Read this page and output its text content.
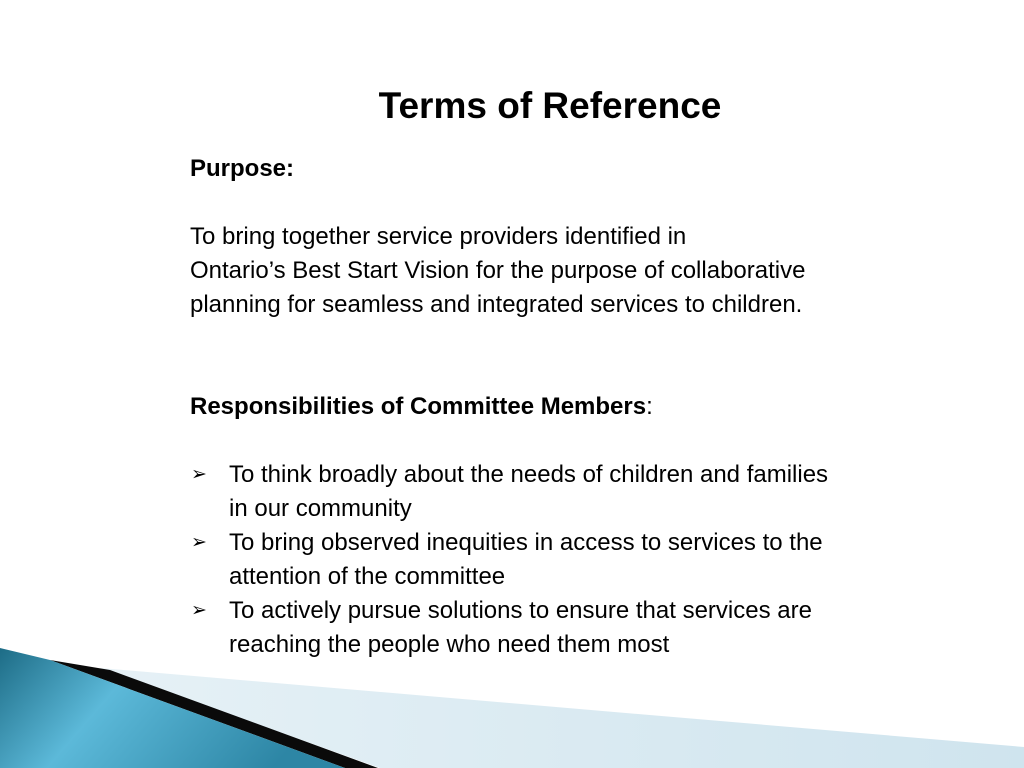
Terms of Reference

Purpose:

To bring together service providers identified in

Ontario’s Best Start Vision for the purpose of collaborative

planning for seamless and integrated services to children.

Responsibilities of Committee Members:

➢ To think broadly about the needs of children and families
in our community
➢ To bring observed inequities in access to services to the
attention of the committee
➢ To actively pursue solutions to ensure that services are
reaching the people who need them most
